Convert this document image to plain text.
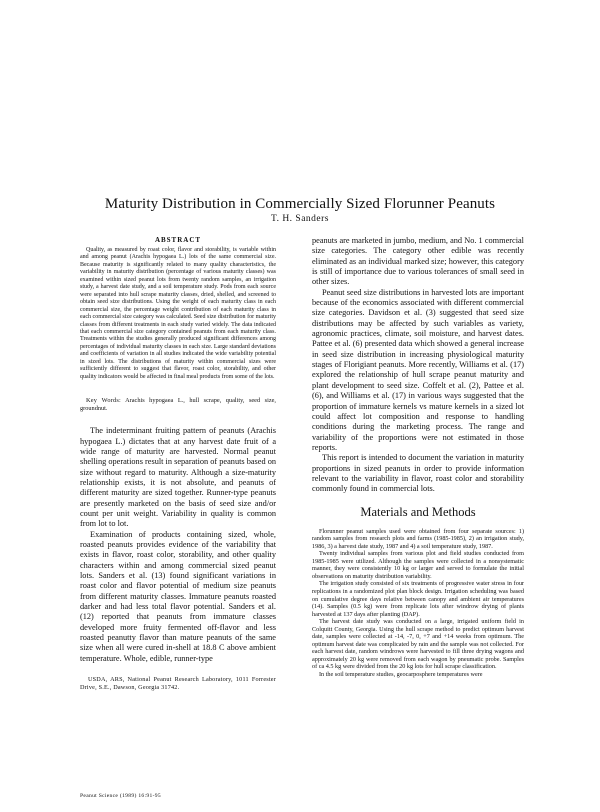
Maturity Distribution in Commercially Sized Florunner Peanuts
T. H. Sanders
ABSTRACT

Quality, as measured by roast color, flavor and storability, is variable within and among peanut (Arachis hypogaea L.) lots of the same commercial size. Because maturity is significantly related to many quality characteristics, the variability in maturity distribution (percentage of various maturity classes) was examined within sized peanut lots from twenty random samples, an irrigation study, a harvest date study, and a soil temperature study. Pods from each source were separated into hull scrape maturity classes, dried, shelled, and screened to obtain seed size distributions. Using the weight of each maturity class in each commercial size, the percentage weight contribution of each maturity class in each commercial size category was calculated. Seed size distribution for maturity classes from different treatments in each study varied widely. The data indicated that each commercial size category contained peanuts from each maturity class. Treatments within the studies generally produced significant differences among percentages of individual maturity classes in each size. Large standard deviations and coefficients of variation in all studies indicated the wide variability potential in sized lots. The distributions of maturity within commercial sizes were sufficiently different to suggest that flavor, roast color, storability, and other quality indicators would be affected in final meal products from some of the lots.

Key Words: Arachis hypogaea L., hull scrape, quality, seed size, groundnut.

The indeterminant fruiting pattern of peanuts (Arachis hypogaea L.) dictates that at any harvest date fruit of a wide range of maturity are harvested. Normal peanut shelling operations result in separation of peanuts based on size without regard to maturity. Although a size-maturity relationship exists, it is not absolute, and peanuts of different maturity are sized together. Runner-type peanuts are presently marketed on the basis of seed size and/or count per unit weight. Variability in quality is common from lot to lot.

Examination of products containing sized, whole, roasted peanuts provides evidence of the variability that exists in flavor, roast color, storability, and other quality characters within and among commercial sized peanut lots. Sanders et al. (13) found significant variations in roast color and flavor potential of medium size peanuts from different maturity classes. Immature peanuts roasted darker and had less total flavor potential. Sanders et al. (12) reported that peanuts from immature classes developed more fruity fermented off-flavor and less roasted peanutty flavor than mature peanuts of the same size when all were cured in-shell at 18.8 C above ambient temperature. Whole, edible, runner-type

USDA, ARS, National Peanut Research Laboratory, 1011 Forrester Drive, S.E., Dawson, Georgia 31742.

peanuts are marketed in jumbo, medium, and No. 1 commercial size categories. The category other edible was recently eliminated as an individual marked size; however, this category is still of importance due to various tolerances of small seed in other sizes.

Peanut seed size distributions in harvested lots are important because of the economics associated with different commercial size categories. Davidson et al. (3) suggested that seed size distributions may be affected by such variables as variety, agronomic practices, climate, soil moisture, and harvest dates. Pattee et al. (6) presented data which showed a general increase in seed size distribution in increasing physiological maturity stages of Florigiant peanuts. More recently, Williams et al. (17) explored the relationship of hull scrape peanut maturity and plant development to seed size. Coffelt et al. (2), Pattee et al. (6), and Williams et al. (17) in various ways suggested that the proportion of immature kernels vs mature kernels in a sized lot could affect lot composition and response to handling conditions during the marketing process. The range and variability of the proportions were not estimated in those reports.

This report is intended to document the variation in maturity proportions in sized peanuts in order to provide information relevant to the variability in flavor, roast color and storability commonly found in commercial lots.

Materials and Methods

Florunner peanut samples used were obtained from four separate sources: 1) random samples from research plots and farms (1985-1985), 2) an irrigation study, 1986, 3) a harvest date study, 1987 and 4) a soil temperature study, 1987.

Twenty individual samples from various plot and field studies conducted from 1985-1985 were utilized. Although the samples were collected in a nonsystematic manner, they were consistently 10 kg or larger and served to formulate the initial observations on maturity distribution variability.

The irrigation study consisted of six treatments of progressive water stress in four replications in a randomized plot plan block design. Irrigation scheduling was based on cumulative degree days relative between canopy and ambient air temperatures (14). Samples (0.5 kg) were from replicate lots after windrow drying of plants harvested at 137 days after planting (DAP).

The harvest date study was conducted on a large, irrigated uniform field in Colquitt County, Georgia. Using the hull scrape method to predict optimum harvest date, samples were collected at -14, -7, 0, +7 and +14 weeks from optimum. The optimum harvest date was complicated by rain and the sample was not collected. For each harvest date, random windrows were harvested to fill three drying wagons and approximately 20 kg were removed from each wagon by pneumatic probe. Samples of ca 4.5 kg were divided from the 20 kg lots for hull scrape classification.

In the soil temperature studies, geocarposphere temperatures were

Peanut Science (1989) 16:91-95
